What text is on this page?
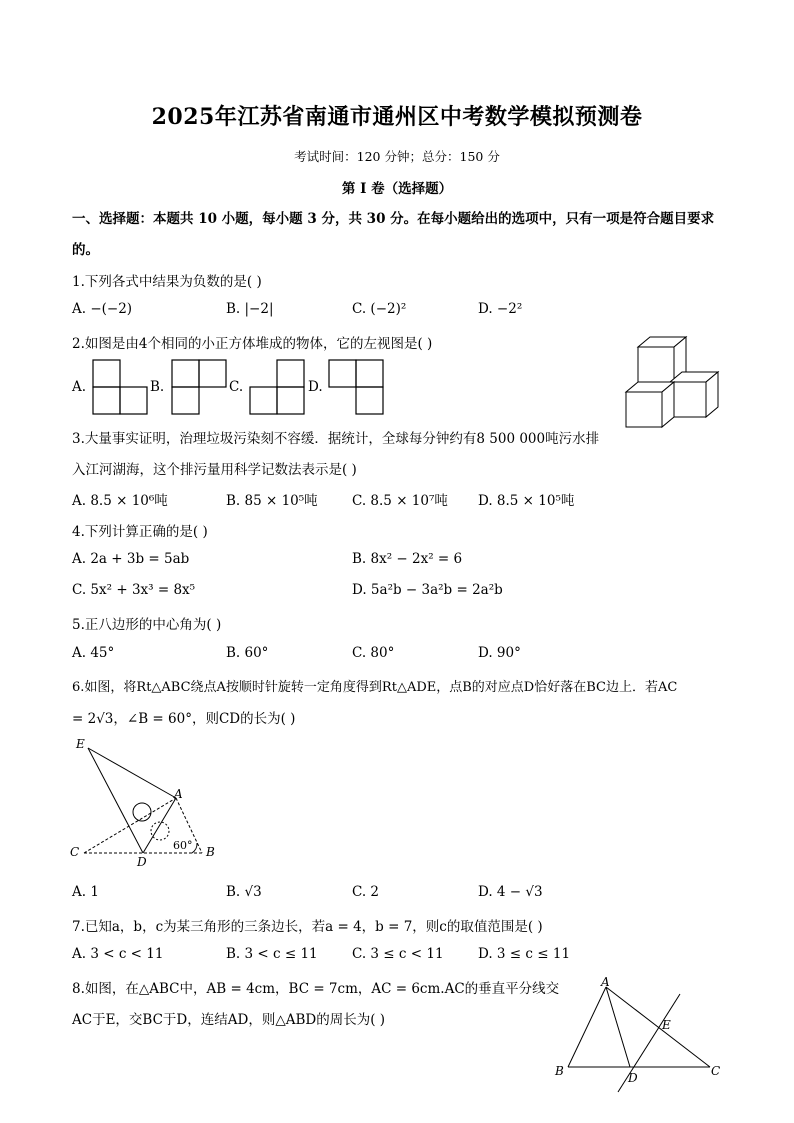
2025年江苏省南通市通州区中考数学模拟预测卷
考试时间：120 分钟；总分：150 分
第 I 卷（选择题）
一、选择题：本题共 10 小题，每小题 3 分，共 30 分。在每小题给出的选项中，只有一项是符合题目要求
的。
1.下列各式中结果为负数的是( )
A. −(−2)	B. |−2|	C. (−2)²	D. −2²
2.如图是由4个相同的小正方体堆成的物体，它的左视图是( )
A.	B.	C.	D.
3.大量事实证明，治理垃圾污染刻不容缓．据统计，全球每分钟约有8 500 000吨污水排
入江河湖海，这个排污量用科学记数法表示是( )
A. 8.5 × 10⁶吨	B. 85 × 10⁵吨	C. 8.5 × 10⁷吨 D. 8.5 × 10⁵吨
4.下列计算正确的是( )
A. 2a + 3b = 5ab	B. 8x² − 2x² = 6
C. 5x² + 3x³ = 8x⁵	D. 5a²b − 3a²b = 2a²b
5.正八边形的中心角为( )
A. 45°	B. 60°	C. 80°	D. 90°
6.如图，将Rt△ABC绕点A按顺时针旋转一定角度得到Rt△ADE，点B的对应点D恰好落在BC边上．若AC
= 2√3，∠B = 60°，则CD的长为( )
E
A
C
D
B
60°
A. 1	B. √3	C. 2	D. 4 − √3
7.已知a，b，c为某三角形的三条边长，若a = 4，b = 7，则c的取值范围是( )
A. 3 < c < 11	B. 3 < c ≤ 11	C. 3 ≤ c < 11	D. 3 ≤ c ≤ 11
8.如图，在△ABC中，AB = 4cm，BC = 7cm，AC = 6cm.AC的垂直平分线交
AC于E，交BC于D，连结AD，则△ABD的周长为( )
A
E
B	D	C
